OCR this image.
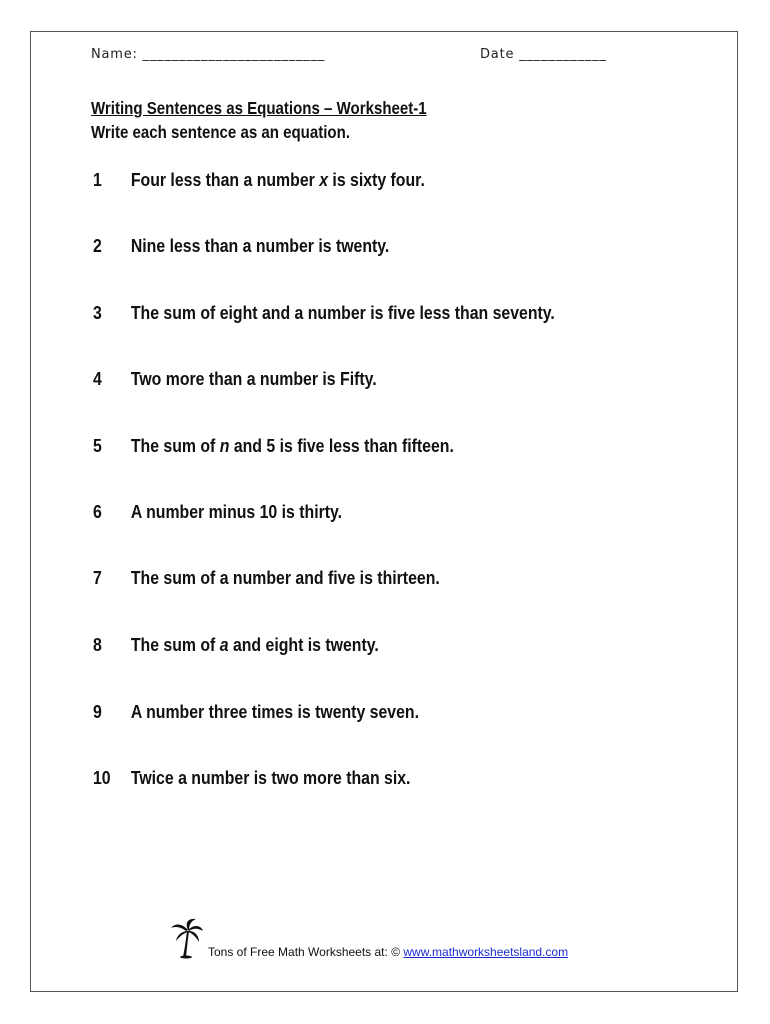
Name: _________________________	Date ____________
Writing Sentences as Equations – Worksheet-1
Write each sentence as an equation.
1 Four less than a number x is sixty four.
2 Nine less than a number is twenty.
3 The sum of eight and a number is five less than seventy.
4 Two more than a number is Fifty.
5 The sum of n and 5 is five less than fifteen.
6 A number minus 10 is thirty.
7 The sum of a number and five is thirteen.
8 The sum of a and eight is twenty.
9 A number three times is twenty seven.
10 Twice a number is two more than six.
Tons of Free Math Worksheets at: © www.mathworksheetsland.com
